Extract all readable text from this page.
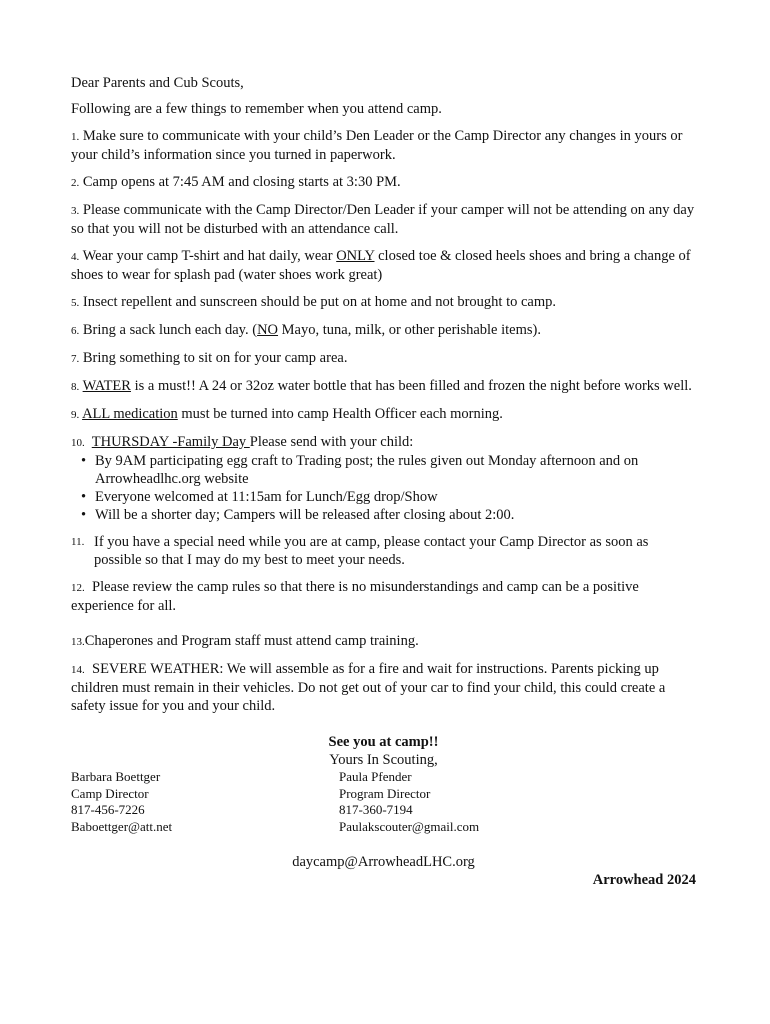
Dear Parents and Cub Scouts,

Following are a few things to remember when you attend camp.

1. Make sure to communicate with your child’s Den Leader or the Camp Director any changes in yours or your child’s information since you turned in paperwork.

2. Camp opens at 7:45 AM and closing starts at 3:30 PM.

3. Please communicate with the Camp Director/Den Leader if your camper will not be attending on any day so that you will not be disturbed with an attendance call.

4. Wear your camp T-shirt and hat daily, wear ONLY closed toe & closed heels shoes and bring a change of shoes to wear for splash pad (water shoes work great)

5. Insect repellent and sunscreen should be put on at home and not brought to camp.

6. Bring a sack lunch each day. (NO Mayo, tuna, milk, or other perishable items).

7. Bring something to sit on for your camp area.

8. WATER is a must!! A 24 or 32oz water bottle that has been filled and frozen the night before works well.

9. ALL medication must be turned into camp Health Officer each morning.

10. THURSDAY -Family Day Please send with your child:

• By 9AM participating egg craft to Trading post; the rules given out Monday afternoon and on Arrowheadlhc.org website
• Everyone welcomed at 11:15am for Lunch/Egg drop/Show
• Will be a shorter day; Campers will be released after closing about 2:00.
11. If you have a special need while you are at camp, please contact your Camp Director as soon as possible so that I may do my best to meet your needs.

12. Please review the camp rules so that there is no misunderstandings and camp can be a positive experience for all.

13.Chaperones and Program staff must attend camp training.

14. SEVERE WEATHER: We will assemble as for a fire and wait for instructions. Parents picking up children must remain in their vehicles. Do not get out of your car to find your child, this could create a safety issue for you and your child.

See you at camp!!

Yours In Scouting,

Barbara Boettger
Camp Director
817-456-7226
Baboettger@att.net
Paula Pfender
Program Director
817-360-7194
Paulakscouter@gmail.com

daycamp@ArrowheadLHC.org

Arrowhead 2024
